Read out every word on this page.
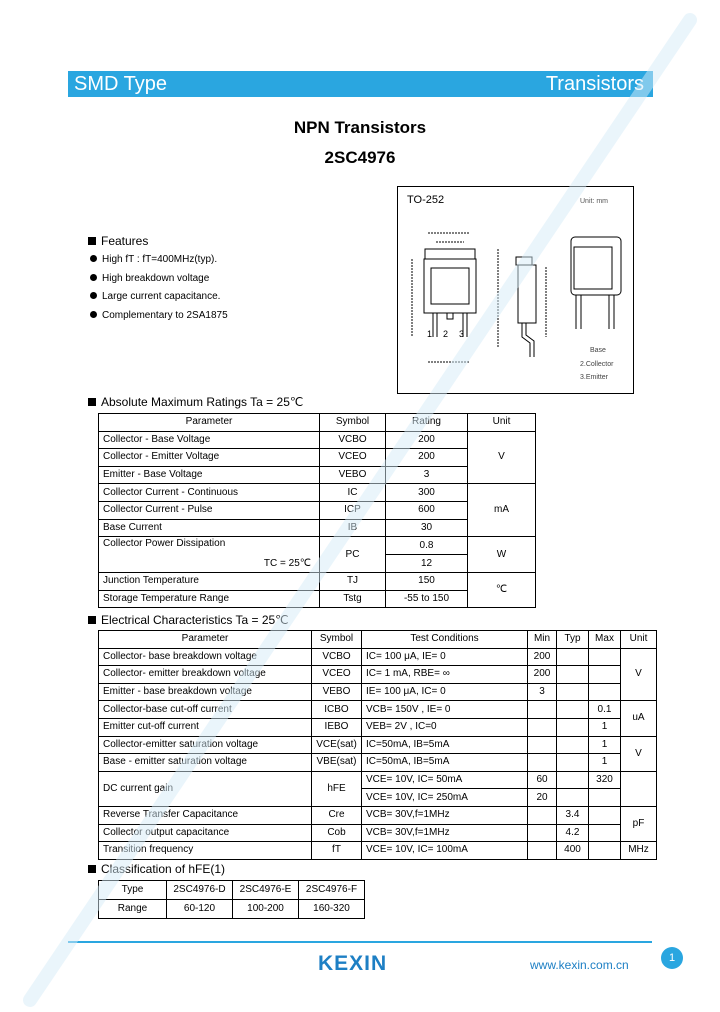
SMD Type	Transistors
NPN Transistors
2SC4976
Features
High fT : fT=400MHz(typ).
High breakdown voltage
Large current capacitance.
Complementary to 2SA1875
TO-252	Unit: mm
1 2 3
Base
2.Collector
3.Emitter
Absolute Maximum Ratings Ta = 25℃
Parameter	Symbol	Rating	Unit
Collector - Base Voltage	VCBO	200	V
Collector - Emitter Voltage	VCEO	200	
Emitter - Base Voltage	VEBO	3	
Collector Current - Continuous	IC	300	mA
Collector Current - Pulse	ICP	600	
Base Current	IB	30	
Collector Power Dissipation
TC = 25℃	PC	0.8	W
		12	
Junction Temperature	TJ	150	℃
Storage Temperature Range	Tstg	-55 to 150	
Electrical Characteristics Ta = 25℃
Parameter	Symbol	Test Conditions	Min	Typ	Max	Unit
Collector- base breakdown voltage	VCBO	IC= 100 μA, IE= 0	200			V
Collector- emitter breakdown voltage	VCEO	IC= 1 mA, RBE= ∞	200			
Emitter - base breakdown voltage	VEBO	IE= 100 μA, IC= 0	3			
Collector-base cut-off current	ICBO	VCB= 150V , IE= 0			0.1	uA
Emitter cut-off current	IEBO	VEB= 2V , IC=0			1	
Collector-emitter saturation voltage	VCE(sat)	IC=50mA, IB=5mA			1	V
Base - emitter saturation voltage	VBE(sat)	IC=50mA, IB=5mA			1	
DC current gain	hFE	VCE= 10V, IC= 50mA	60		320	
		VCE= 10V, IC= 250mA	20			
Reverse Transfer Capacitance	Cre	VCB= 30V,f=1MHz		3.4		pF
Collector output capacitance	Cob	VCB= 30V,f=1MHz		4.2		
Transition frequency	fT	VCE= 10V, IC= 100mA		400		MHz
Classification of hFE(1)
Type	2SC4976-D	2SC4976-E	2SC4976-F
Range	60-120	100-200	160-320
KEXIN	www.kexin.com.cn	1
